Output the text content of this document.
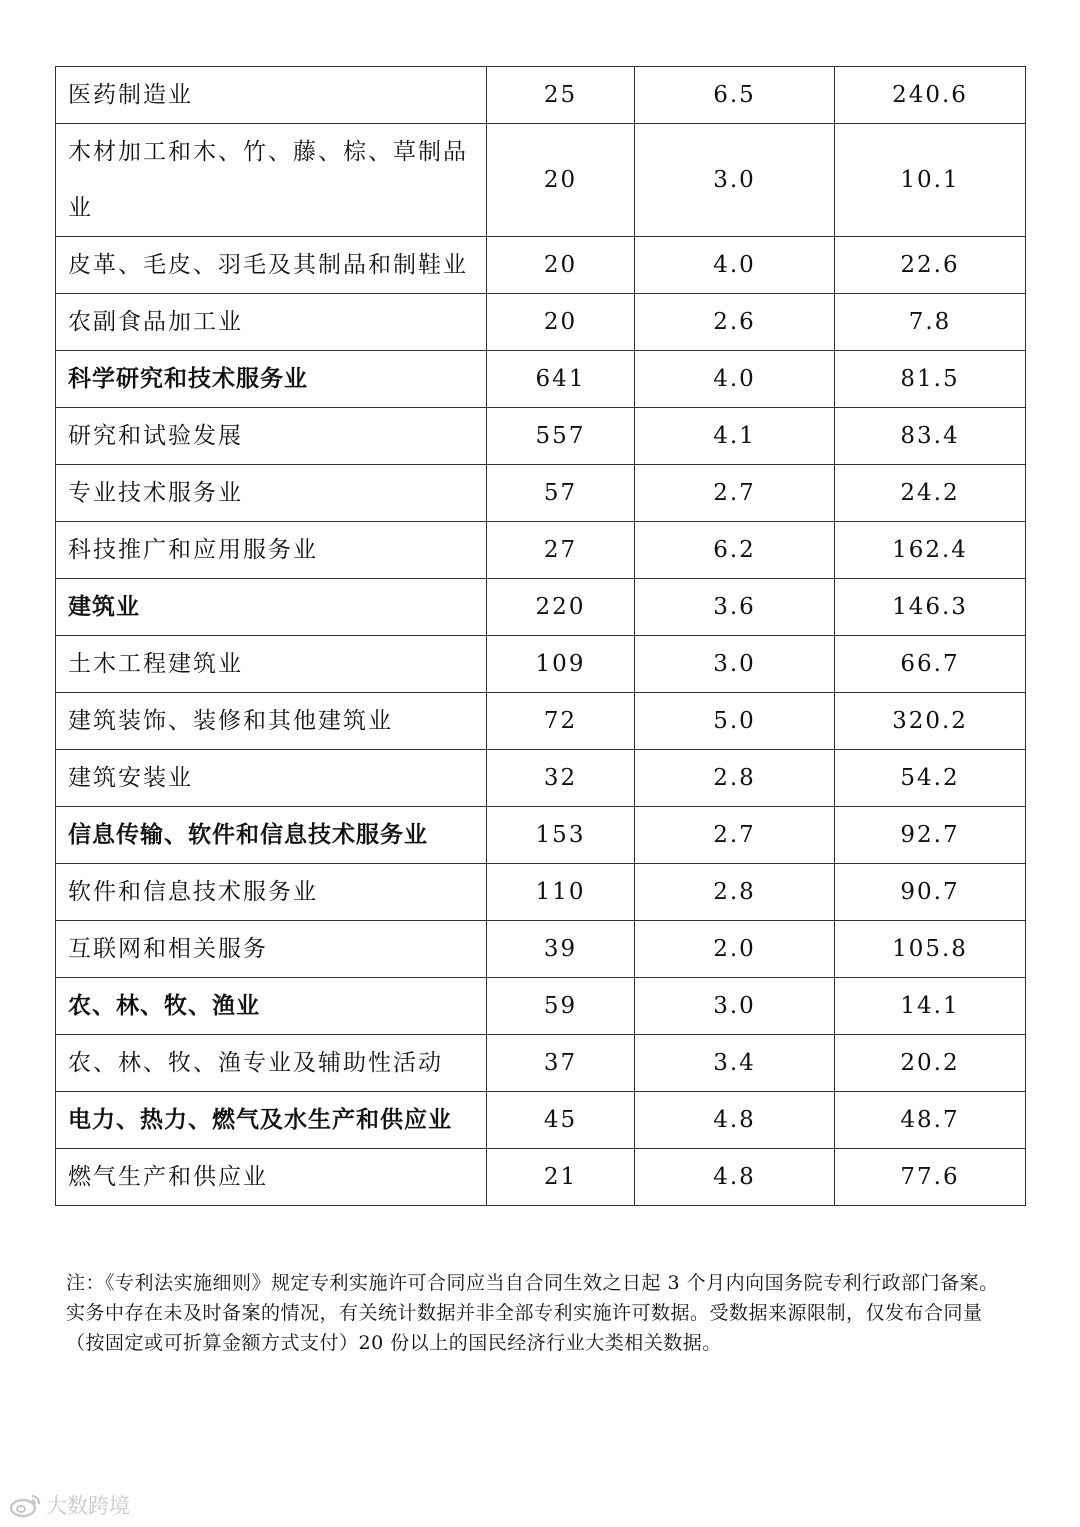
医药制造业	25	6.5	240.6
木材加工和木、竹、藤、棕、草制品业	20	3.0	10.1
皮革、毛皮、羽毛及其制品和制鞋业	20	4.0	22.6
农副食品加工业	20	2.6	7.8
科学研究和技术服务业	641	4.0	81.5
研究和试验发展	557	4.1	83.4
专业技术服务业	57	2.7	24.2
科技推广和应用服务业	27	6.2	162.4
建筑业	220	3.6	146.3
土木工程建筑业	109	3.0	66.7
建筑装饰、装修和其他建筑业	72	5.0	320.2
建筑安装业	32	2.8	54.2
信息传输、软件和信息技术服务业	153	2.7	92.7
软件和信息技术服务业	110	2.8	90.7
互联网和相关服务	39	2.0	105.8
农、林、牧、渔业	59	3.0	14.1
农、林、牧、渔专业及辅助性活动	37	3.4	20.2
电力、热力、燃气及水生产和供应业	45	4.8	48.7
燃气生产和供应业	21	4.8	77.6

注：《专利法实施细则》规定专利实施许可合同应当自合同生效之日起 3 个月内向国务院专利行政部门备案。实务中存在未及时备案的情况，有关统计数据并非全部专利实施许可数据。受数据来源限制，仅发布合同量（按固定或可折算金额方式支付）20 份以上的国民经济行业大类相关数据。

大数跨境
